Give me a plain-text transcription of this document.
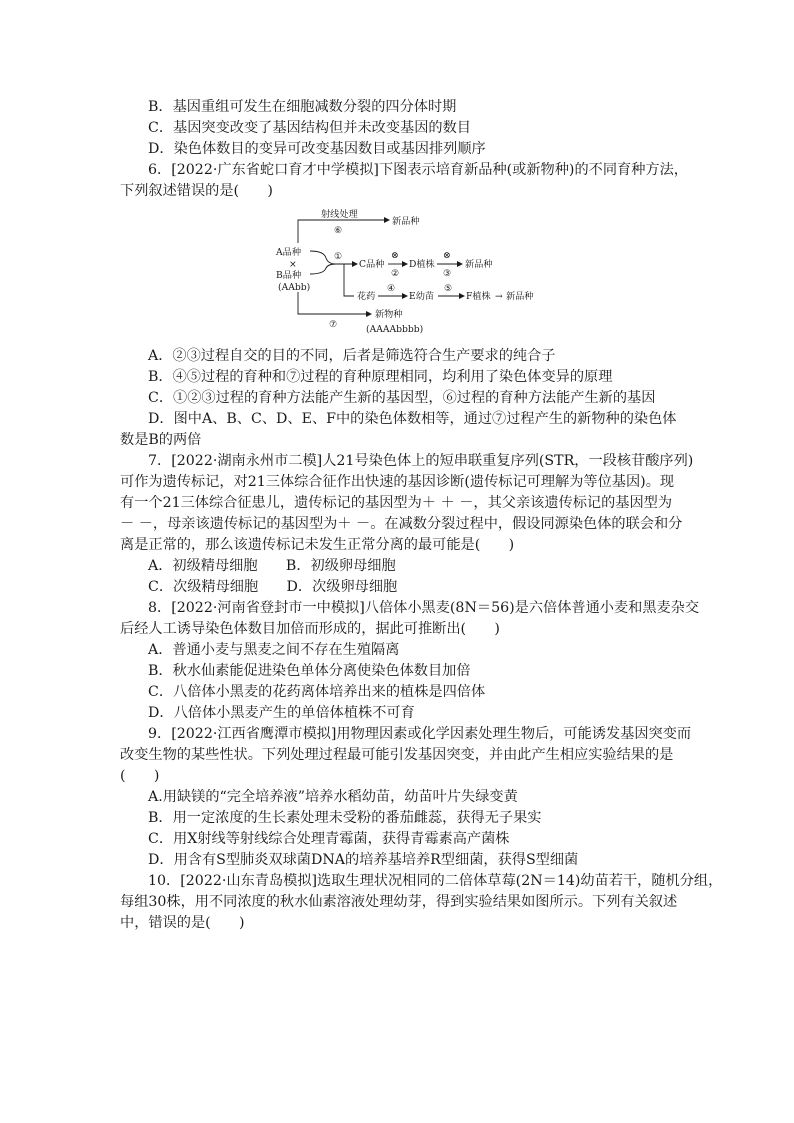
B．基因重组可发生在细胞减数分裂的四分体时期
C．基因突变改变了基因结构但并未改变基因的数目
D．染色体数目的变异可改变基因数目或基因排列顺序
6．[2022·广东省蛇口育才中学模拟]下图表示培育新品种(或新物种)的不同育种方法，
下列叙述错误的是(　　)
A品种
×
B品种
(AAbb)
射线处理
⑥
新品种
①
C品种
⊗
②
D植株
⊗
③
新品种
花药
④
E幼苗
⑤
F植株 → 新品种
⑦
新物种
(AAAAbbbb)
A．②③过程自交的目的不同，后者是筛选符合生产要求的纯合子
B．④⑤过程的育种和⑦过程的育种原理相同，均利用了染色体变异的原理
C．①②③过程的育种方法能产生新的基因型，⑥过程的育种方法能产生新的基因
D．图中A、B、C、D、E、F中的染色体数相等，通过⑦过程产生的新物种的染色体
数是B的两倍
7．[2022·湖南永州市二模]人21号染色体上的短串联重复序列(STR，一段核苷酸序列)
可作为遗传标记，对21三体综合征作出快速的基因诊断(遗传标记可理解为等位基因)。现
有一个21三体综合征患儿，遗传标记的基因型为＋ ＋ －，其父亲该遗传标记的基因型为
－ －，母亲该遗传标记的基因型为＋ －。在减数分裂过程中，假设同源染色体的联会和分
离是正常的，那么该遗传标记未发生正常分离的最可能是(　　)
A．初级精母细胞　　B．初级卵母细胞
C．次级精母细胞　　D．次级卵母细胞
8．[2022·河南省登封市一中模拟]八倍体小黑麦(8N＝56)是六倍体普通小麦和黑麦杂交
后经人工诱导染色体数目加倍而形成的，据此可推断出(　　)
A．普通小麦与黑麦之间不存在生殖隔离
B．秋水仙素能促进染色单体分离使染色体数目加倍
C．八倍体小黑麦的花药离体培养出来的植株是四倍体
D．八倍体小黑麦产生的单倍体植株不可育
9．[2022·江西省鹰潭市模拟]用物理因素或化学因素处理生物后，可能诱发基因突变而
改变生物的某些性状。下列处理过程最可能引发基因突变，并由此产生相应实验结果的是
(　　)
A.用缺镁的“完全培养液”培养水稻幼苗，幼苗叶片失绿变黄
B．用一定浓度的生长素处理未受粉的番茄雌蕊，获得无子果实
C．用X射线等射线综合处理青霉菌，获得青霉素高产菌株
D．用含有S型肺炎双球菌DNA的培养基培养R型细菌，获得S型细菌
10．[2022·山东青岛模拟]选取生理状况相同的二倍体草莓(2N＝14)幼苗若干，随机分组，
每组30株，用不同浓度的秋水仙素溶液处理幼芽，得到实验结果如图所示。下列有关叙述
中，错误的是(　　)
